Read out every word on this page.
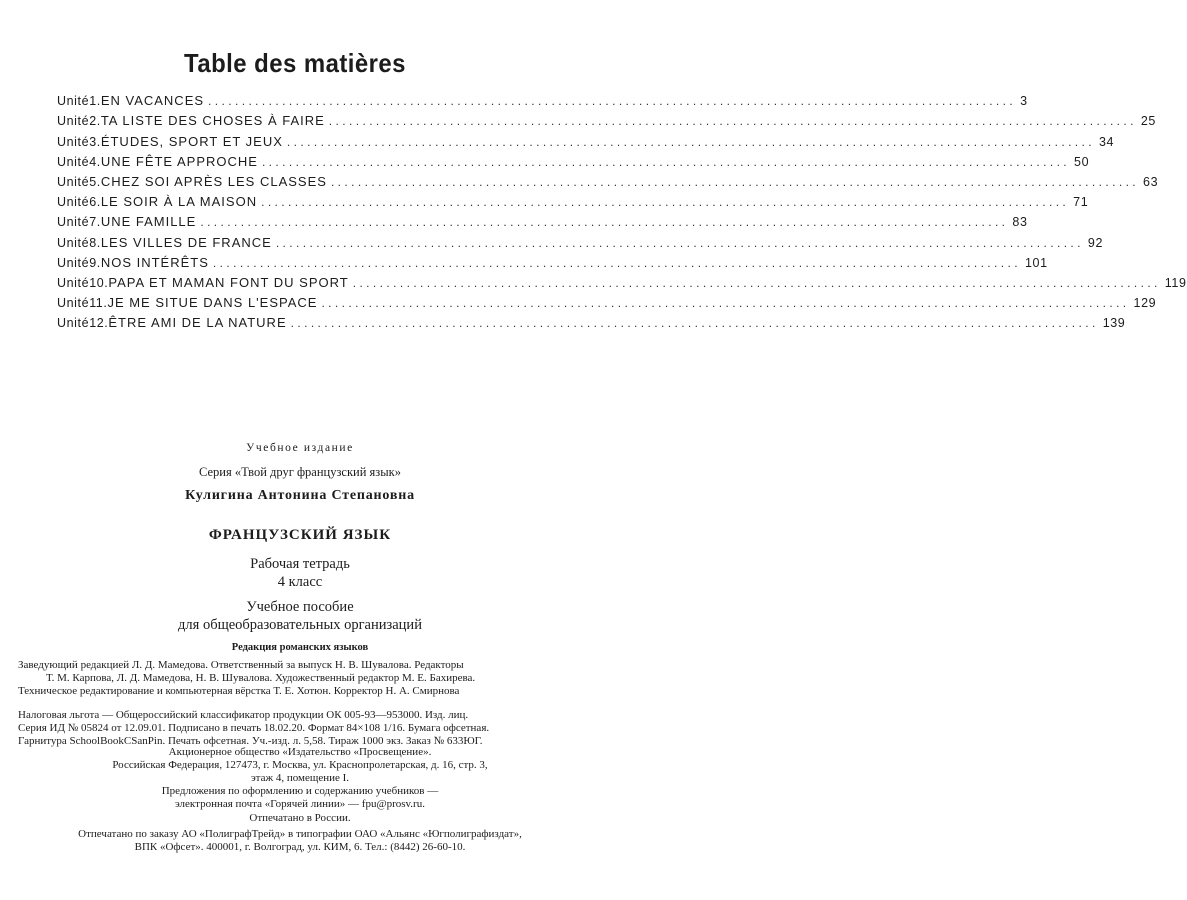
Table des matières
Unité 1. EN VACANCES ........................................................................................................................ 3
Unité 2. TA LISTE DES CHOSES À FAIRE ........................................................................................................................ 25
Unité 3. ÉTUDES, SPORT ET JEUX ........................................................................................................................ 34
Unité 4. UNE FÊTE APPROCHE ........................................................................................................................ 50
Unité 5. CHEZ SOI APRÈS LES CLASSES ........................................................................................................................ 63
Unité 6. LE SOIR À LA MAISON ........................................................................................................................ 71
Unité 7. UNE FAMILLE ........................................................................................................................ 83
Unité 8. LES VILLES DE FRANCE ........................................................................................................................ 92
Unité 9. NOS INTÉRÊTS ........................................................................................................................ 101
Unité 10. PAPA ET MAMAN FONT DU SPORT ........................................................................................................................ 119
Unité 11. JE ME SITUE DANS L'ESPACE ........................................................................................................................ 129
Unité 12. ÊTRE AMI DE LA NATURE ........................................................................................................................ 139
Учебное издание
Серия «Твой друг французский язык»
Кулигина Антонина Степановна
ФРАНЦУЗСКИЙ ЯЗЫК
Рабочая тетрадь
4 класс
Учебное пособие
для общеобразовательных организаций
Редакция романских языков
Заведующий редакцией Л. Д. Мамедова. Ответственный за выпуск Н. В. Шувалова. Редакторы
Т. М. Карпова, Л. Д. Мамедова, Н. В. Шувалова. Художественный редактор М. Е. Бахирева.
Техническое редактирование и компьютерная вёрстка Т. Е. Хотюн. Корректор Н. А. Смирнова
Налоговая льгота — Общероссийский классификатор продукции ОК 005-93—953000. Изд. лиц.
Серия ИД № 05824 от 12.09.01. Подписано в печать 18.02.20. Формат 84×108 1/16. Бумага офсетная.
Гарнитура SchoolBookCSanPin. Печать офсетная. Уч.-изд. л. 5,58. Тираж 1000 экз. Заказ № 633ЮГ.
Акционерное общество «Издательство «Просвещение».
Российская Федерация, 127473, г. Москва, ул. Краснопролетарская, д. 16, стр. 3,
этаж 4, помещение I.
Предложения по оформлению и содержанию учебников —
электронная почта «Горячей линии» — fpu@prosv.ru.
Отпечатано в России.
Отпечатано по заказу АО «ПолиграфТрейд» в типографии ОАО «Альянс «Югполиграфиздат»,
ВПК «Офсет». 400001, г. Волгоград, ул. КИМ, 6. Тел.: (8442) 26-60-10.
